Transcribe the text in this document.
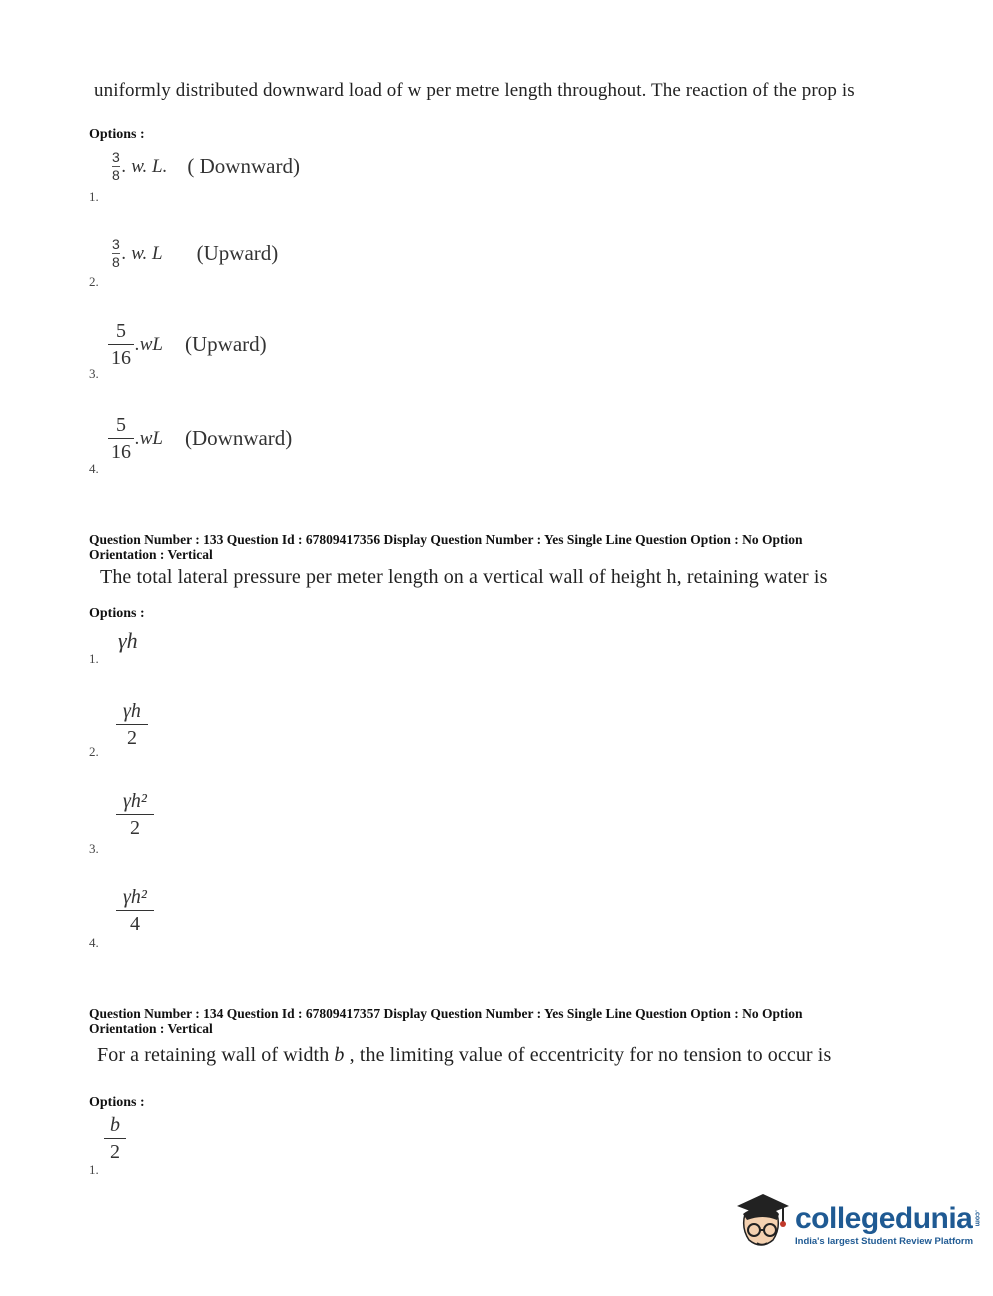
uniformly distributed downward load of w per metre length throughout. The reaction of the prop is
Options :
1.
$\frac{3}{8}$ . w. L. ( Downward)
2.
$\frac{3}{8}$ . w. L (Upward)
3.
$\frac{5}{16} .wL$ (Upward)
4.
$\frac{5}{16} .wL$ (Downward)
Question Number : 133 Question Id : 67809417356 Display Question Number : Yes Single Line Question Option : No Option
Orientation : Vertical
The total lateral pressure per meter length on a vertical wall of height h, retaining water is
Options :
1.
γh
2.
$\frac{\gamma h}{2}$
3.
$\frac{\text{γh²}}{2}$
4.
$\frac{\text{γh²}}{4}$
Question Number : 134 Question Id : 67809417357 Display Question Number : Yes Single Line Question Option : No Option
Orientation : Vertical
For a retaining wall of width b , the limiting value of eccentricity for no tension to occur is
Options :
1.
$\frac{b}{2}$
collegedunia .com
India's largest Student Review Platform
